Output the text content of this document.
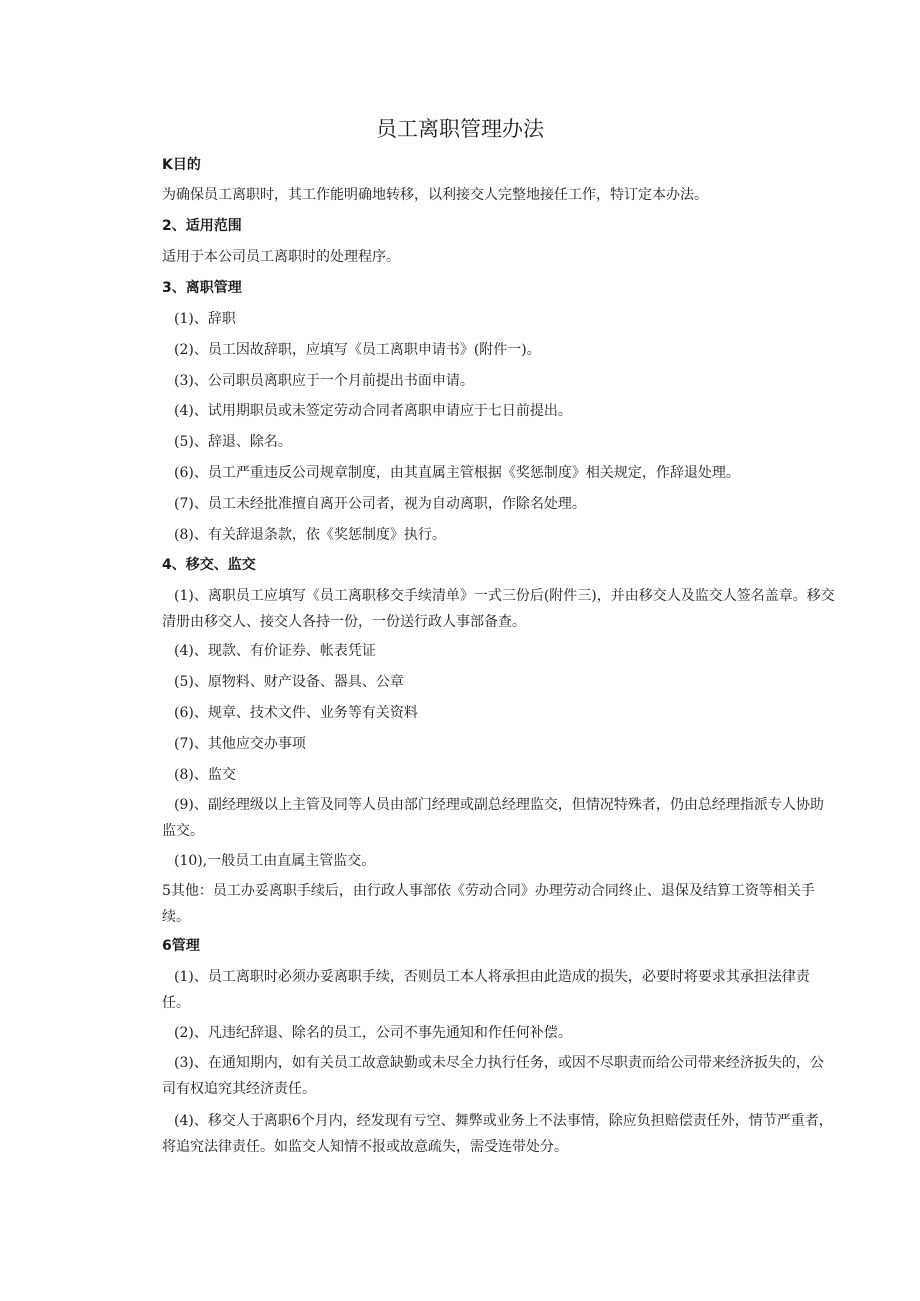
员工离职管理办法
K目的
为确保员工离职时，其工作能明确地转移，以利接交人完整地接任工作，特订定本办法。
2、适用范围
适用于本公司员工离职时的处理程序。
3、离职管理
(1)、辞职
(2)、员工因故辞职，应填写《员工离职申请书》(附件一)。
(3)、公司职员离职应于一个月前提出书面申请。
(4)、试用期职员或未签定劳动合同者离职申请应于七日前提出。
(5)、辞退、除名。
(6)、员工严重违反公司规章制度，由其直属主管根据《奖惩制度》相关规定，作辞退处理。
(7)、员工未经批准擅自离开公司者，视为自动离职，作除名处理。
(8)、有关辞退条款，依《奖惩制度》执行。
4、移交、监交
(1)、离职员工应填写《员工离职移交手续清单》一式三份后(附件三)，并由移交人及监交人签名盖章。移交清册由移交人、接交人各持一份，一份送行政人事部备查。
(4)、现款、有价证券、帐表凭证
(5)、原物料、财产设备、器具、公章
(6)、规章、技术文件、业务等有关资料
(7)、其他应交办事项
(8)、监交
(9)、副经理级以上主管及同等人员由部门经理或副总经理监交，但情况特殊者，仍由总经理指派专人协助监交。
(10),一般员工由直属主管监交。
5其他：员工办妥离职手续后，由行政人事部依《劳动合同》办理劳动合同终止、退保及结算工资等相关手续。
6管理
(1)、员工离职时必须办妥离职手续，否则员工本人将承担由此造成的损失，必要时将要求其承担法律责任。
(2)、凡违纪辞退、除名的员工，公司不事先通知和作任何补偿。
(3)、在通知期内，如有关员工故意缺勤或未尽全力执行任务，或因不尽职责而给公司带来经济扳失的，公司有权追究其经济责任。
(4)、移交人于离职6个月内，经发现有亏空、舞弊或业务上不法事情，除应负担赔偿责任外，情节严重者，将追究法律责任。如监交人知情不报或故意疏失，需受连带处分。
